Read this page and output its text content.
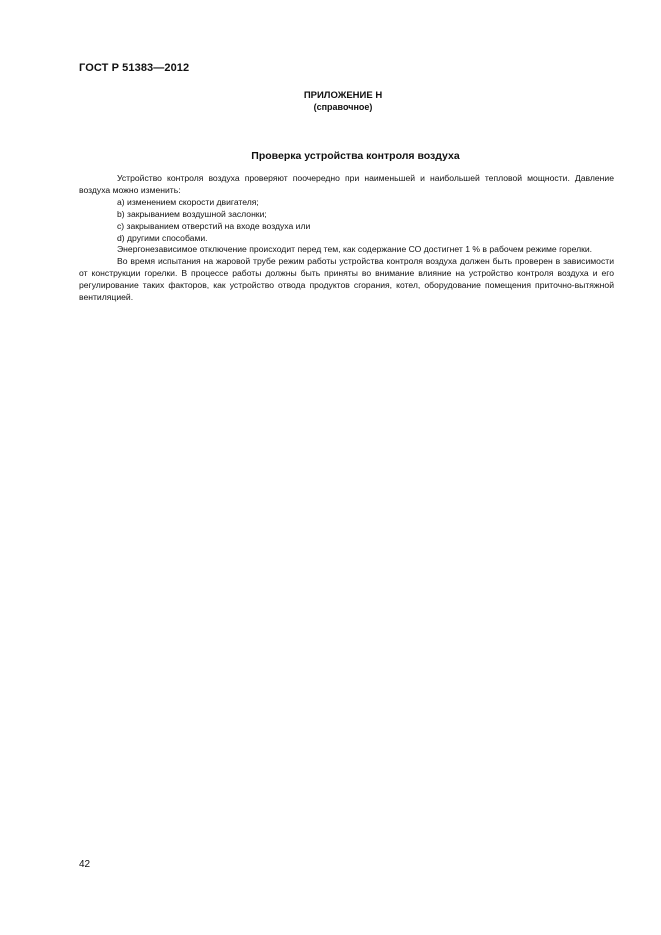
ГОСТ Р 51383—2012
ПРИЛОЖЕНИЕ Н
(справочное)
Проверка устройства контроля воздуха

Устройство контроля воздуха проверяют поочередно при наименьшей и наибольшей тепловой мощности. Давление воздуха можно изменить:

a) изменением скорости двигателя;

b) закрыванием воздушной заслонки;

c) закрыванием отверстий на входе воздуха или

d) другими способами.

Энергонезависимое отключение происходит перед тем, как содержание СО достигнет 1 % в рабочем режиме горелки.

Во время испытания на жаровой трубе режим работы устройства контроля воздуха должен быть проверен в зависимости от конструкции горелки. В процессе работы должны быть приняты во внимание влияние на устройство контроля воздуха и его регулирование таких факторов, как устройство отвода продуктов сгорания, котел, оборудование помещения приточно-вытяжной вентиляцией.

42
